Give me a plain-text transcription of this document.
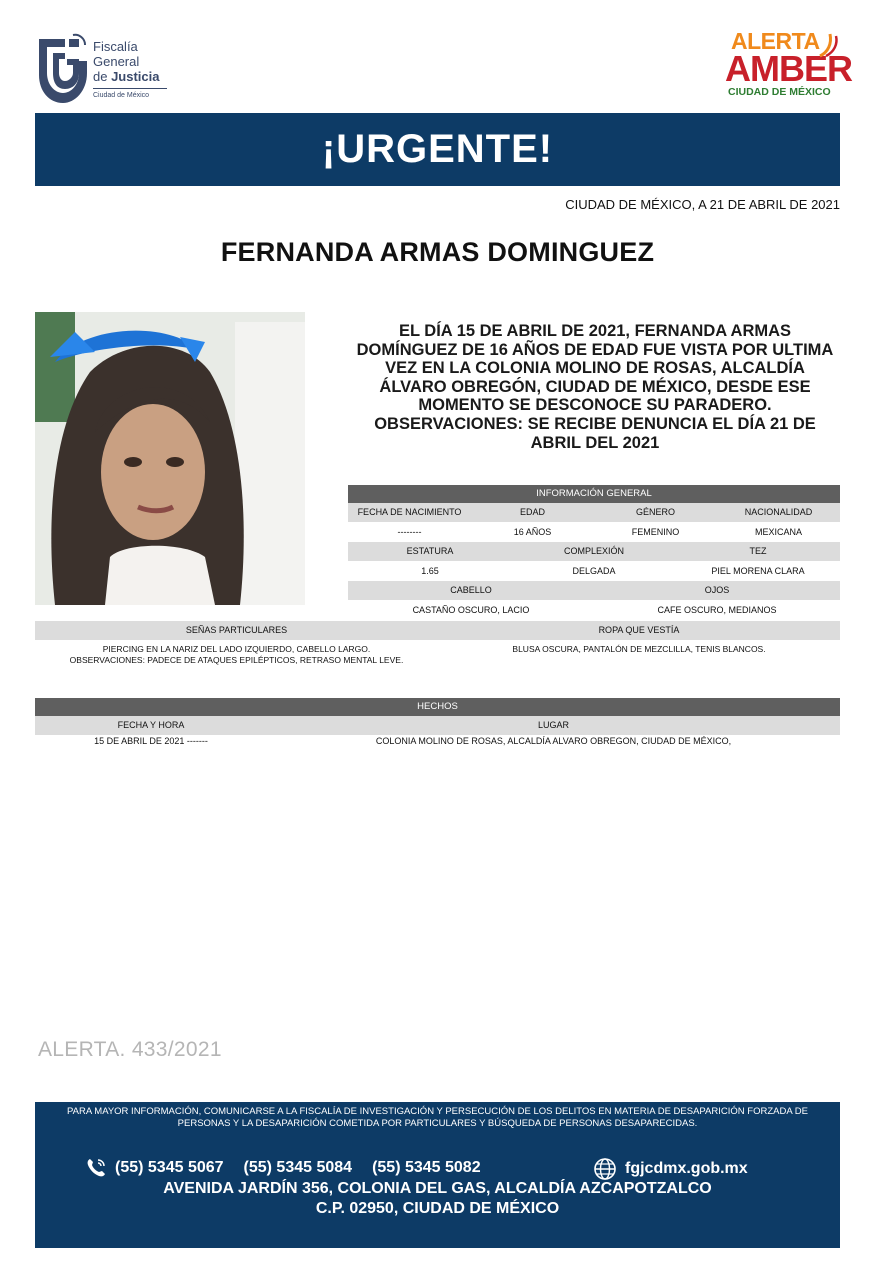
Fiscalía
General
de Justicia
Ciudad de México
ALERTA
AMBER
CIUDAD DE MÉXICO
¡URGENTE!
CIUDAD DE MÉXICO, A 21 DE ABRIL DE 2021
FERNANDA ARMAS DOMINGUEZ
EL DÍA 15 DE ABRIL DE 2021, FERNANDA ARMAS DOMÍNGUEZ DE 16 AÑOS DE EDAD FUE VISTA POR ULTIMA VEZ EN LA COLONIA MOLINO DE ROSAS, ALCALDÍA ÁLVARO OBREGÓN, CIUDAD DE MÉXICO, DESDE ESE MOMENTO SE DESCONOCE SU PARADERO. OBSERVACIONES: SE RECIBE DENUNCIA EL DÍA 21 DE ABRIL DEL 2021
INFORMACIÓN GENERAL
FECHA DE NACIMIENTO	EDAD	GÉNERO	NACIONALIDAD
--------	16 AÑOS	FEMENINO	MEXICANA
ESTATURA	COMPLEXIÓN	TEZ
1.65	DELGADA	PIEL MORENA CLARA
CABELLO	OJOS
CASTAÑO OSCURO, LACIO	CAFE OSCURO, MEDIANOS
SEÑAS PARTICULARES	ROPA QUE VESTÍA
PIERCING EN LA NARIZ DEL LADO IZQUIERDO, CABELLO LARGO.
OBSERVACIONES: PADECE DE ATAQUES EPILÉPTICOS, RETRASO MENTAL LEVE.
BLUSA OSCURA, PANTALÓN DE MEZCLILLA, TENIS BLANCOS.
HECHOS
FECHA Y HORA	LUGAR
15 DE ABRIL DE 2021 -------	COLONIA MOLINO DE ROSAS, ALCALDÍA ALVARO OBREGON, CIUDAD DE MÉXICO,
ALERTA. 433/2021
PARA MAYOR INFORMACIÓN, COMUNICARSE A LA FISCALÍA DE INVESTIGACIÓN Y PERSECUCIÓN DE LOS DELITOS EN MATERIA DE DESAPARICIÓN FORZADA DE PERSONAS Y LA DESAPARICIÓN COMETIDA POR PARTICULARES Y BÚSQUEDA DE PERSONAS DESAPARECIDAS.
(55) 5345 5067 (55) 5345 5084 (55) 5345 5082	fgjcdmx.gob.mx
AVENIDA JARDÍN 356, COLONIA DEL GAS, ALCALDÍA AZCAPOTZALCO
C.P. 02950, CIUDAD DE MÉXICO
